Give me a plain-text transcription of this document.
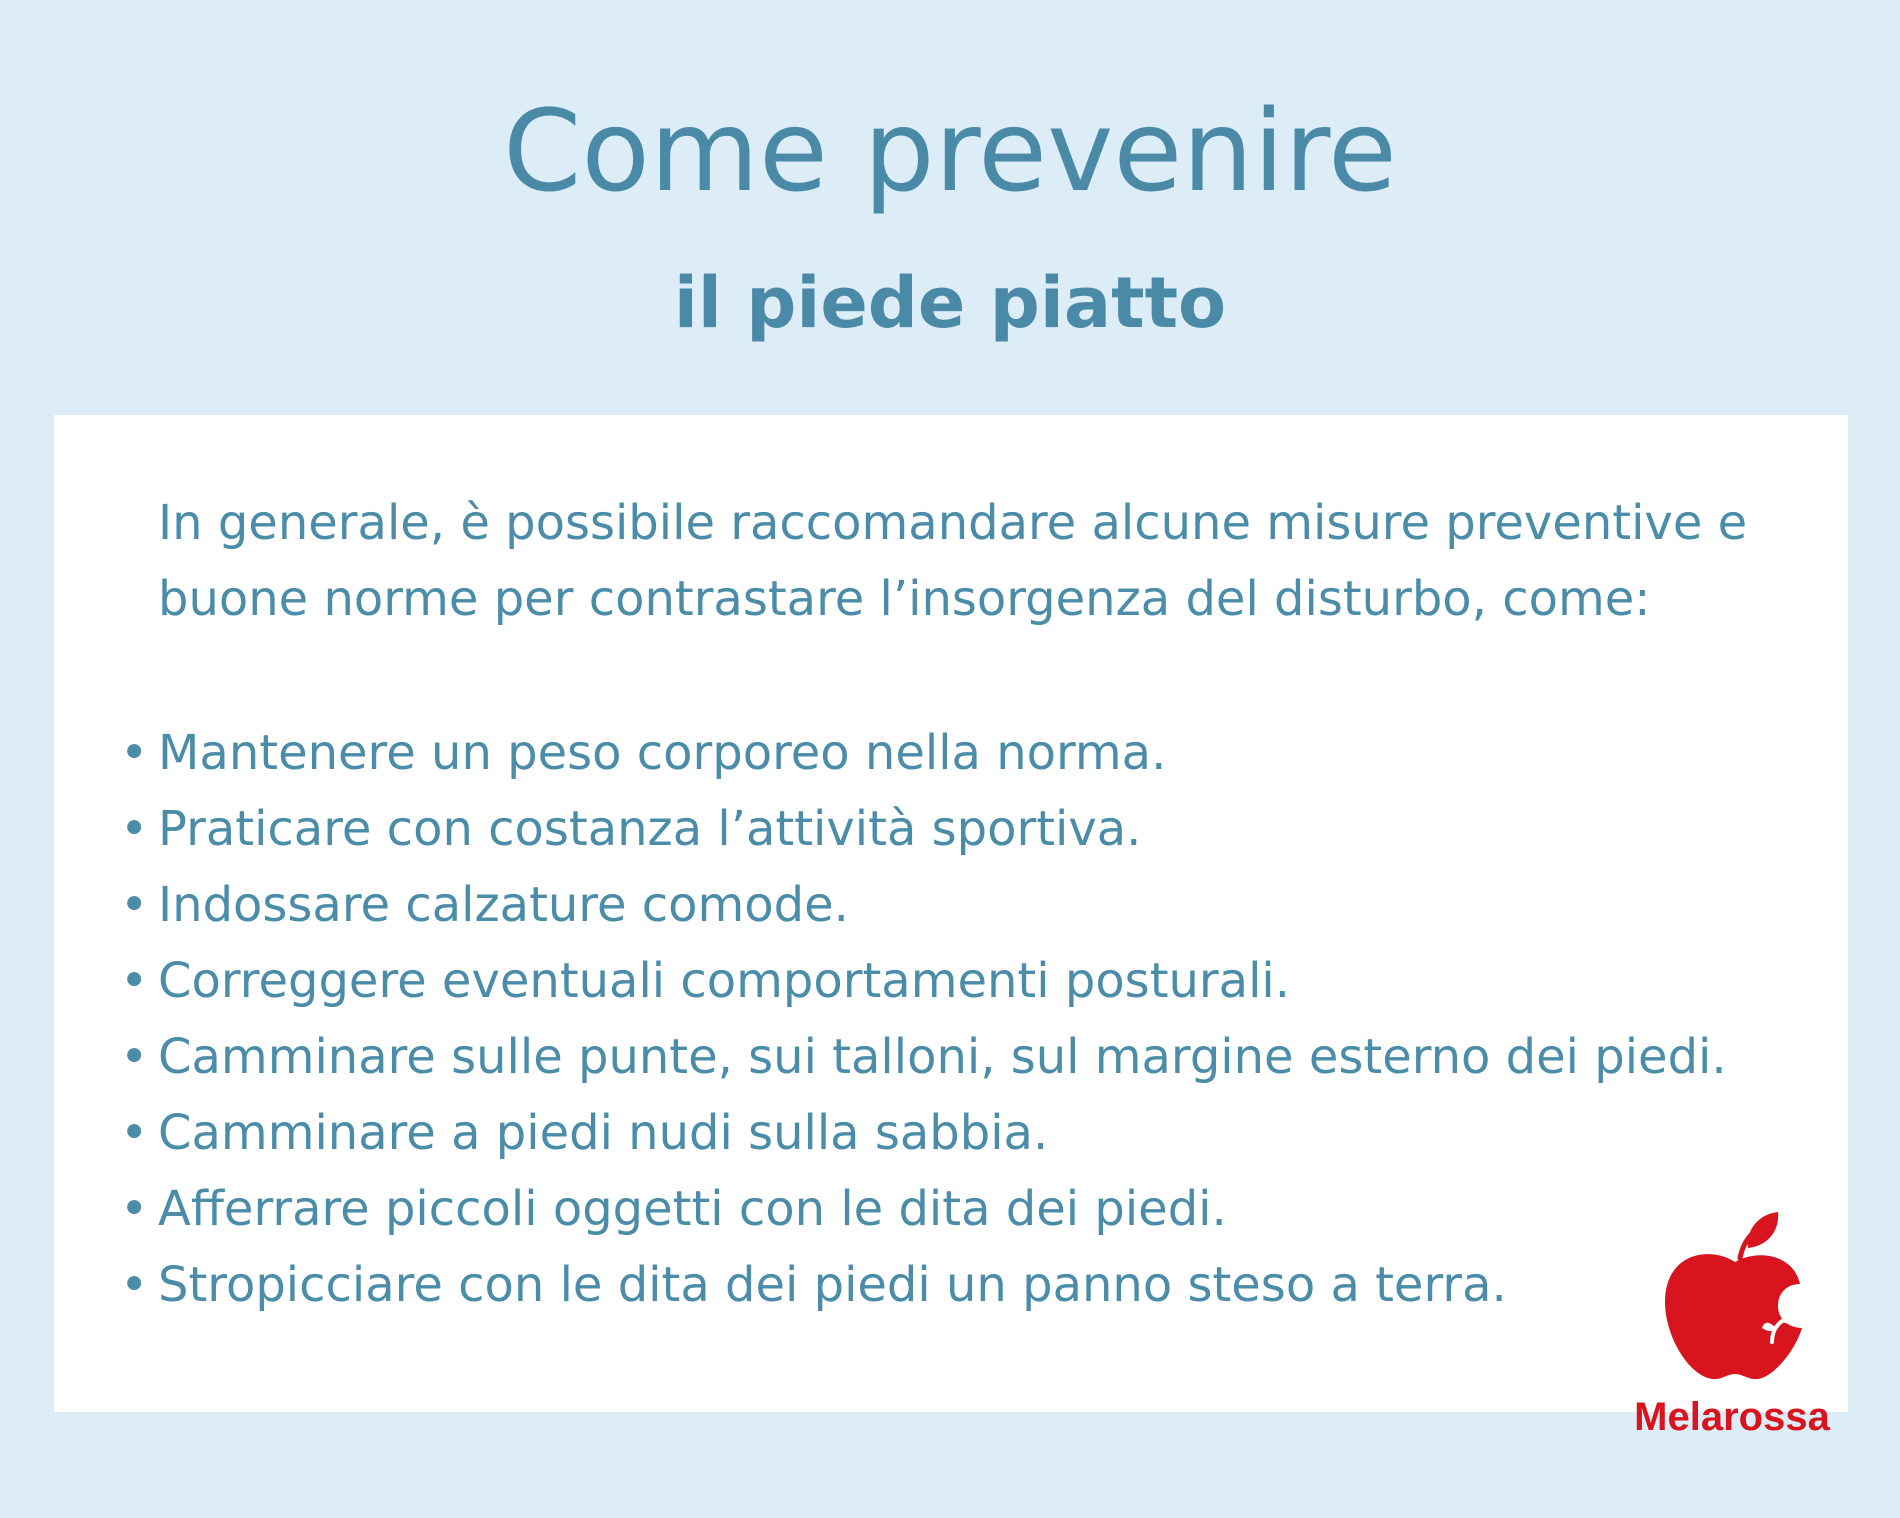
Come prevenire
il piede piatto

In generale, è possibile raccomandare alcune misure preventive e buone norme per contrastare l’insorgenza del disturbo, come:

• Mantenere un peso corporeo nella norma.
• Praticare con costanza l’attività sportiva.
• Indossare calzature comode.
• Correggere eventuali comportamenti posturali.
• Camminare sulle punte, sui talloni, sul margine esterno dei piedi.
• Camminare a piedi nudi sulla sabbia.
• Afferrare piccoli oggetti con le dita dei piedi.
• Stropicciare con le dita dei piedi un panno steso a terra.
Melarossa
